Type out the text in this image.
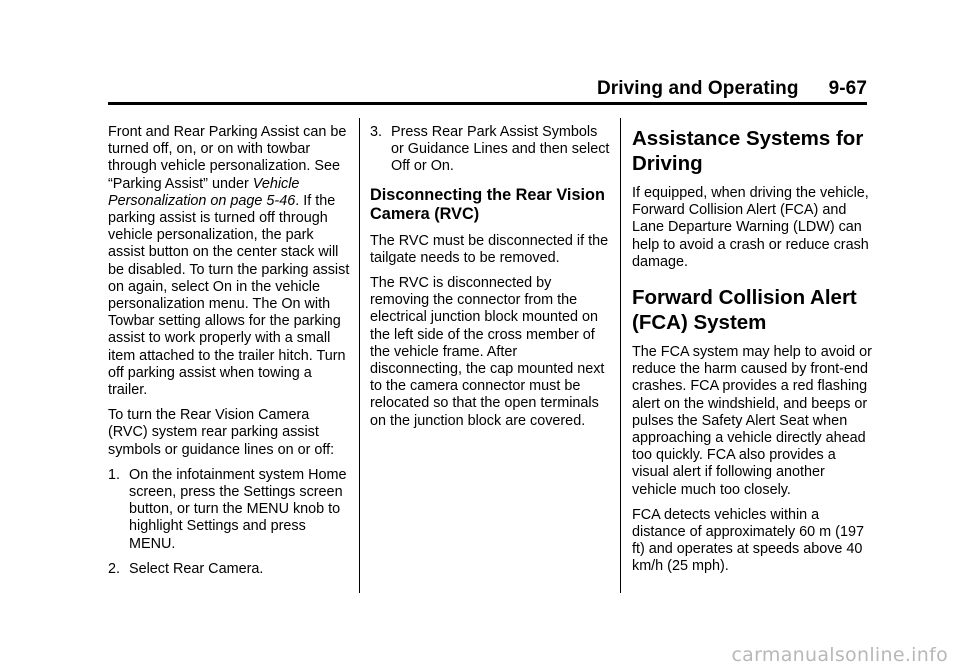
Driving and Operating 9-67

Front and Rear Parking Assist can be turned off, on, or on with towbar through vehicle personalization. See “Parking Assist” under Vehicle Personalization on page 5-46. If the parking assist is turned off through vehicle personalization, the park assist button on the center stack will be disabled. To turn the parking assist on again, select On in the vehicle personalization menu. The On with Towbar setting allows for the parking assist to work properly with a small item attached to the trailer hitch. Turn off parking assist when towing a trailer.

To turn the Rear Vision Camera (RVC) system rear parking assist symbols or guidance lines on or off:

1. On the infotainment system Home screen, press the Settings screen button, or turn the MENU knob to highlight Settings and press MENU.
2. Select Rear Camera.
3. Press Rear Park Assist Symbols or Guidance Lines and then select Off or On.
Disconnecting the Rear Vision Camera (RVC)

The RVC must be disconnected if the tailgate needs to be removed.

The RVC is disconnected by removing the connector from the electrical junction block mounted on the left side of the cross member of the vehicle frame. After disconnecting, the cap mounted next to the camera connector must be relocated so that the open terminals on the junction block are covered.

Assistance Systems for Driving

If equipped, when driving the vehicle, Forward Collision Alert (FCA) and Lane Departure Warning (LDW) can help to avoid a crash or reduce crash damage.

Forward Collision Alert (FCA) System

The FCA system may help to avoid or reduce the harm caused by front-end crashes. FCA provides a red flashing alert on the windshield, and beeps or pulses the Safety Alert Seat when approaching a vehicle directly ahead too quickly. FCA also provides a visual alert if following another vehicle much too closely.

FCA detects vehicles within a distance of approximately 60 m (197 ft) and operates at speeds above 40 km/h (25 mph).

carmanualsonline.info
